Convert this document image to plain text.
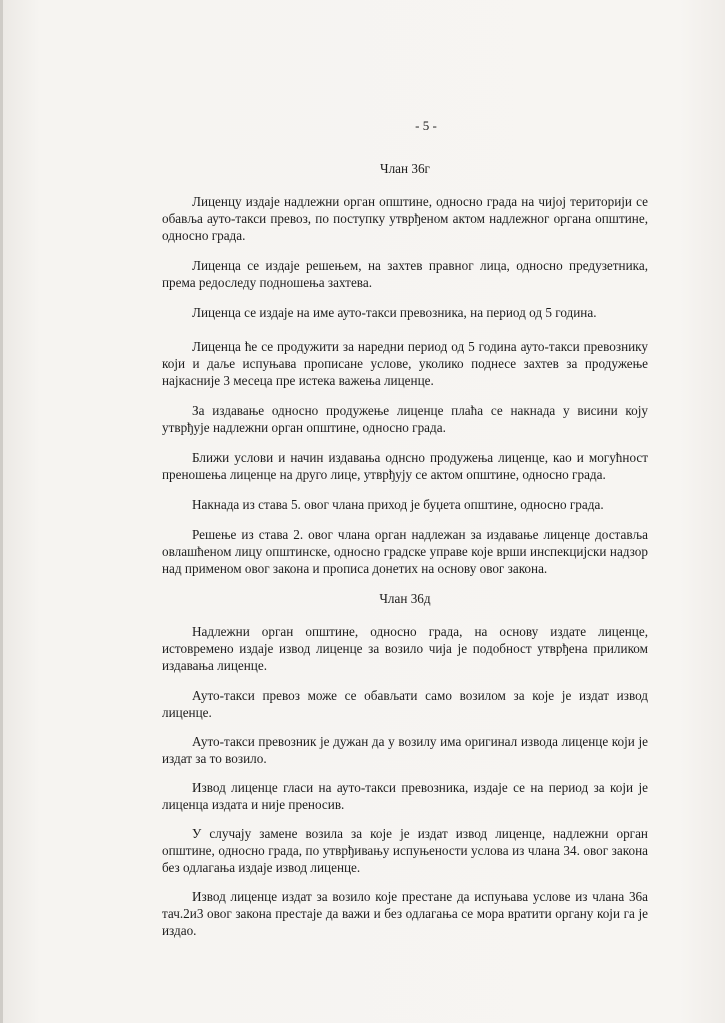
- 5 -
Члан 36г

Лиценцу издаје надлежни орган општине, односно града на чијој територији се обавља ауто-такси превоз, по поступку утврђеном актом надлежног органа општине, односно града.

Лиценца се издаје решењем, на захтев правног лица, односно предузетника, према редоследу подношења захтева.

Лиценца се издаје на име ауто-такси превозника, на период од 5 година.

Лиценца ће се продужити за наредни период од 5 година ауто-такси превознику који и даље испуњава прописане услове, уколико поднесе захтев за продужење најкасније 3 месеца пре истека важења лиценце.

За издавање односно продужење лиценце плаћа се накнада у висини коју утврђује надлежни орган општине, односно града.

Ближи услови и начин издавања однсно продужења лиценце, као и могућност преношења лиценце на друго лице, утврђују се актом општине, односно града.

Накнада из става 5. овог члана приход је буџета општине, односно града.

Решење из става 2. овог члана орган надлежан за издавање лиценце доставља овлашћеном лицу општинске, односно градске управе које врши инспекцијски надзор над применом овог закона и прописа донетих на основу овог закона.

Члан 36д

Надлежни орган општине, односно града, на основу издате лиценце, истовремено издаје извод лиценце за возило чија је подобност утврђена приликом издавања лиценце.

Ауто-такси превоз може се обављати само возилом за које је издат извод лиценце.

Ауто-такси превозник је дужан да у возилу има оригинал извода лиценце који је издат за то возило.

Извод лиценце гласи на ауто-такси превозника, издаје се на период за који је лиценца издата и није преносив.

У случају замене возила за које је издат извод лиценце, надлежни орган општине, односно града, по утврђивању испуњености услова из члана 34. овог закона без одлагања издаје извод лиценце.

Извод лиценце издат за возило које престане да испуњава услове из члана 36а тач.2и3 овог закона престаје да важи и без одлагања се мора вратити органу који га је издао.
